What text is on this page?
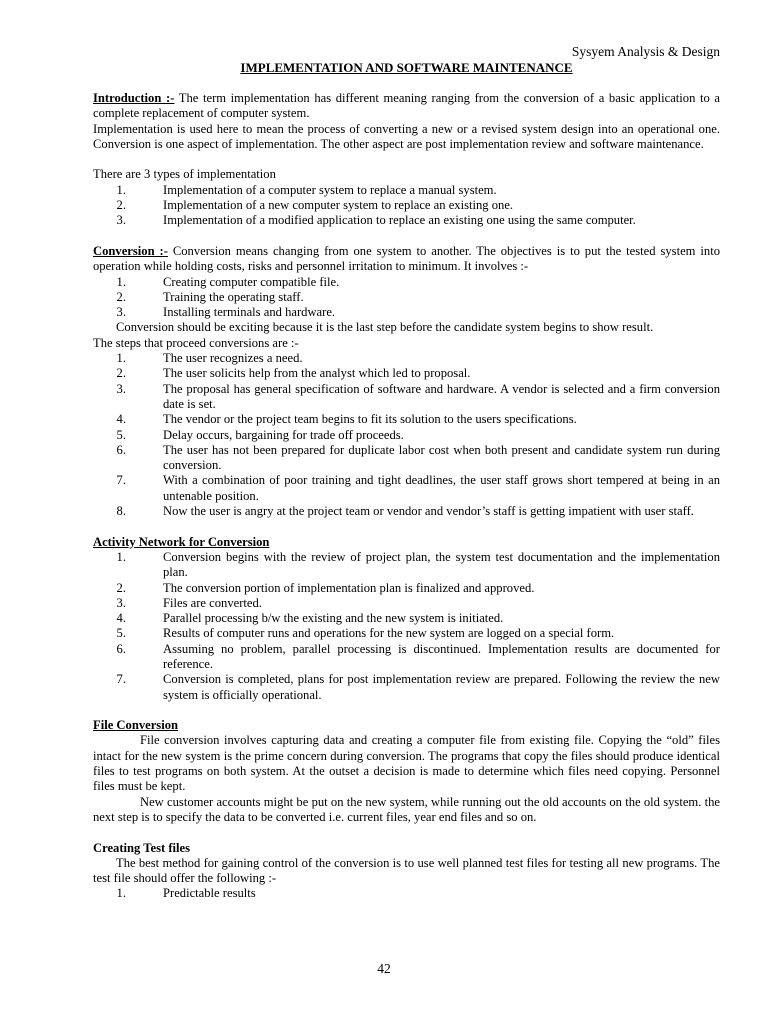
Sysyem Analysis & Design
IMPLEMENTATION AND SOFTWARE MAINTENANCE

Introduction :- The term implementation has different meaning ranging from the conversion of a basic application to a complete replacement of computer system.

Implementation is used here to mean the process of converting a new or a revised system design into an operational one. Conversion is one aspect of implementation. The other aspect are post implementation review and software maintenance.

There are 3 types of implementation

1.	Implementation of a computer system to replace a manual system.
2.	Implementation of a new computer system to replace an existing one.
3.	Implementation of a modified application to replace an existing one using the same computer.

Conversion :- Conversion means changing from one system to another. The objectives is to put the tested system into operation while holding costs, risks and personnel irritation to minimum. It involves :-

1.	Creating computer compatible file.
2.	Training the operating staff.
3.	Installing terminals and hardware.

Conversion should be exciting because it is the last step before the candidate system begins to show result.

The steps that proceed conversions are :-

1.	The user recognizes a need.
2.	The user solicits help from the analyst which led to proposal.
3.	The proposal has general specification of software and hardware. A vendor is selected and a firm conversion date is set.
4.	The vendor or the project team begins to fit its solution to the users specifications.
5.	Delay occurs, bargaining for trade off proceeds.
6.	The user has not been prepared for duplicate labor cost when both present and candidate system run during conversion.
7.	With a combination of poor training and tight deadlines, the user staff grows short tempered at being in an untenable position.
8.	Now the user is angry at the project team or vendor and vendor’s staff is getting impatient with user staff.

Activity Network for Conversion

1.	Conversion begins with the review of project plan, the system test documentation and the implementation plan.
2.	The conversion portion of implementation plan is finalized and approved.
3.	Files are converted.
4.	Parallel processing b/w the existing and the new system is initiated.
5.	Results of computer runs and operations for the new system are logged on a special form.
6.	Assuming no problem, parallel processing is discontinued. Implementation results are documented for reference.
7.	Conversion is completed, plans for post implementation review are prepared. Following the review the new system is officially operational.

File Conversion

File conversion involves capturing data and creating a computer file from existing file. Copying the “old” files intact for the new system is the prime concern during conversion. The programs that copy the files should produce identical files to test programs on both system. At the outset a decision is made to determine which files need copying. Personnel files must be kept.

New customer accounts might be put on the new system, while running out the old accounts on the old system. the next step is to specify the data to be converted i.e. current files, year end files and so on.

Creating Test files

The best method for gaining control of the conversion is to use well planned test files for testing all new programs. The test file should offer the following :-

1.	Predictable results
42
